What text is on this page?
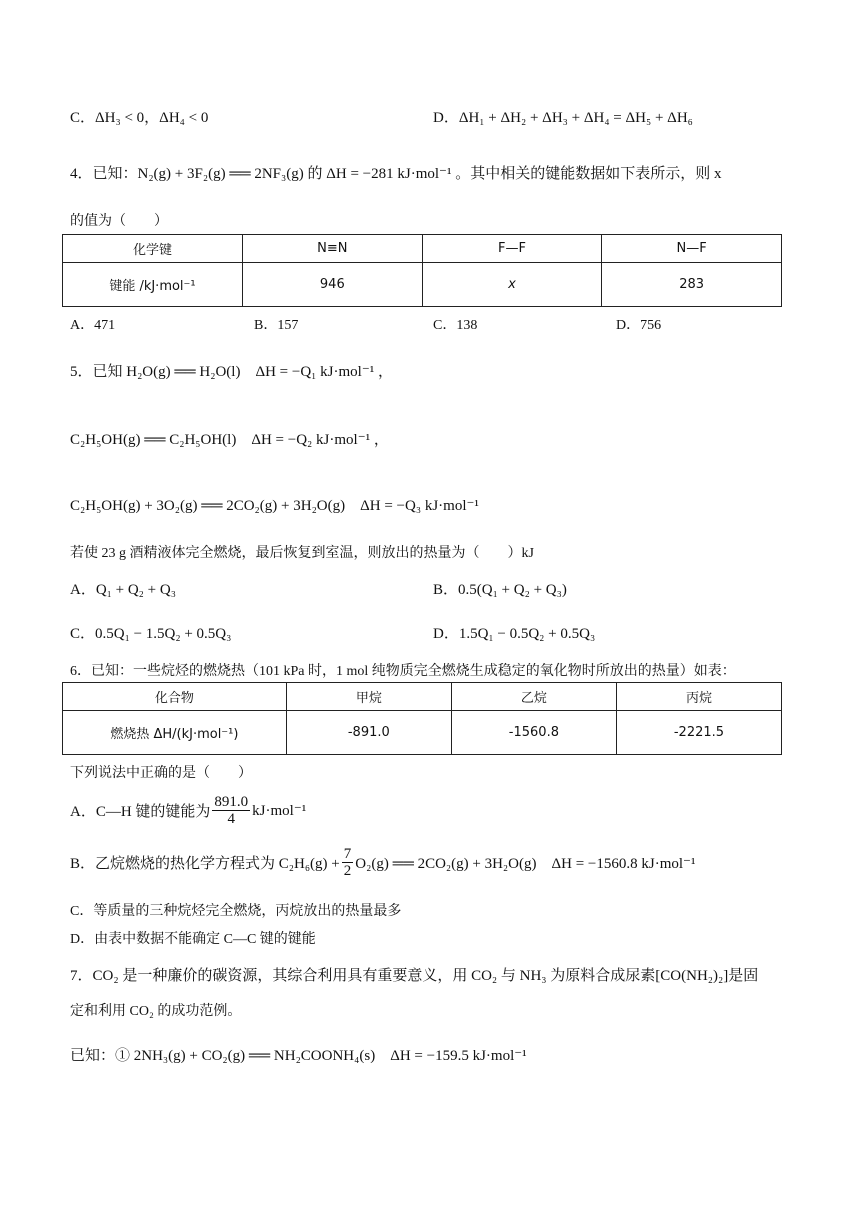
C．ΔH₃ < 0，ΔH₄ < 0	D．ΔH₁ + ΔH₂ + ΔH₃ + ΔH₄ = ΔH₅ + ΔH₆
4．已知：N₂(g) + 3F₂(g) ══ 2NF₃(g) 的 ΔH = −281 kJ·mol⁻¹ 。其中相关的键能数据如下表所示，则 x
的值为（　　）
化学键	N≡N	F—F	N—F
键能 /kJ·mol⁻¹	946	x	283
A．471	B．157	C．138	D．756
5．已知 H₂O(g) ══ H₂O(l)　ΔH = −Q₁ kJ·mol⁻¹ ，
C₂H₅OH(g) ══ C₂H₅OH(l)　ΔH = −Q₂ kJ·mol⁻¹ ，
C₂H₅OH(g) + 3O₂(g) ══ 2CO₂(g) + 3H₂O(g)　ΔH = −Q₃ kJ·mol⁻¹
若使 23 g 酒精液体完全燃烧，最后恢复到室温，则放出的热量为（　　）kJ
A．Q₁ + Q₂ + Q₃	B．0.5(Q₁ + Q₂ + Q₃)
C．0.5Q₁ − 1.5Q₂ + 0.5Q₃	D．1.5Q₁ − 0.5Q₂ + 0.5Q₃
6．已知：一些烷烃的燃烧热（101 kPa 时，1 mol 纯物质完全燃烧生成稳定的氧化物时所放出的热量）如表：
化合物	甲烷	乙烷	丙烷
燃烧热 ΔH/(kJ·mol⁻¹)	-891.0	-1560.8	-2221.5
下列说法中正确的是（　　）
A．C—H 键的键能为 $\frac{891.0}{4} kJ\cdot mol^{-1}$
B．乙烷燃烧的热化学方程式为 $C_2H_6(g) + \frac{7}{2} O_2(g)$ ══ 2CO₂(g) + 3H₂O(g)　ΔH = −1560.8 kJ·mol⁻¹
C．等质量的三种烷烃完全燃烧，丙烷放出的热量最多
D．由表中数据不能确定 C—C 键的键能
7．CO₂ 是一种廉价的碳资源，其综合利用具有重要意义，用 CO₂ 与 NH₃ 为原料合成尿素[CO(NH₂)₂]是固
定和利用 CO₂ 的成功范例。
已知：① 2NH₃(g) + CO₂(g) ══ NH₂COONH₄(s)　ΔH = −159.5 kJ·mol⁻¹
